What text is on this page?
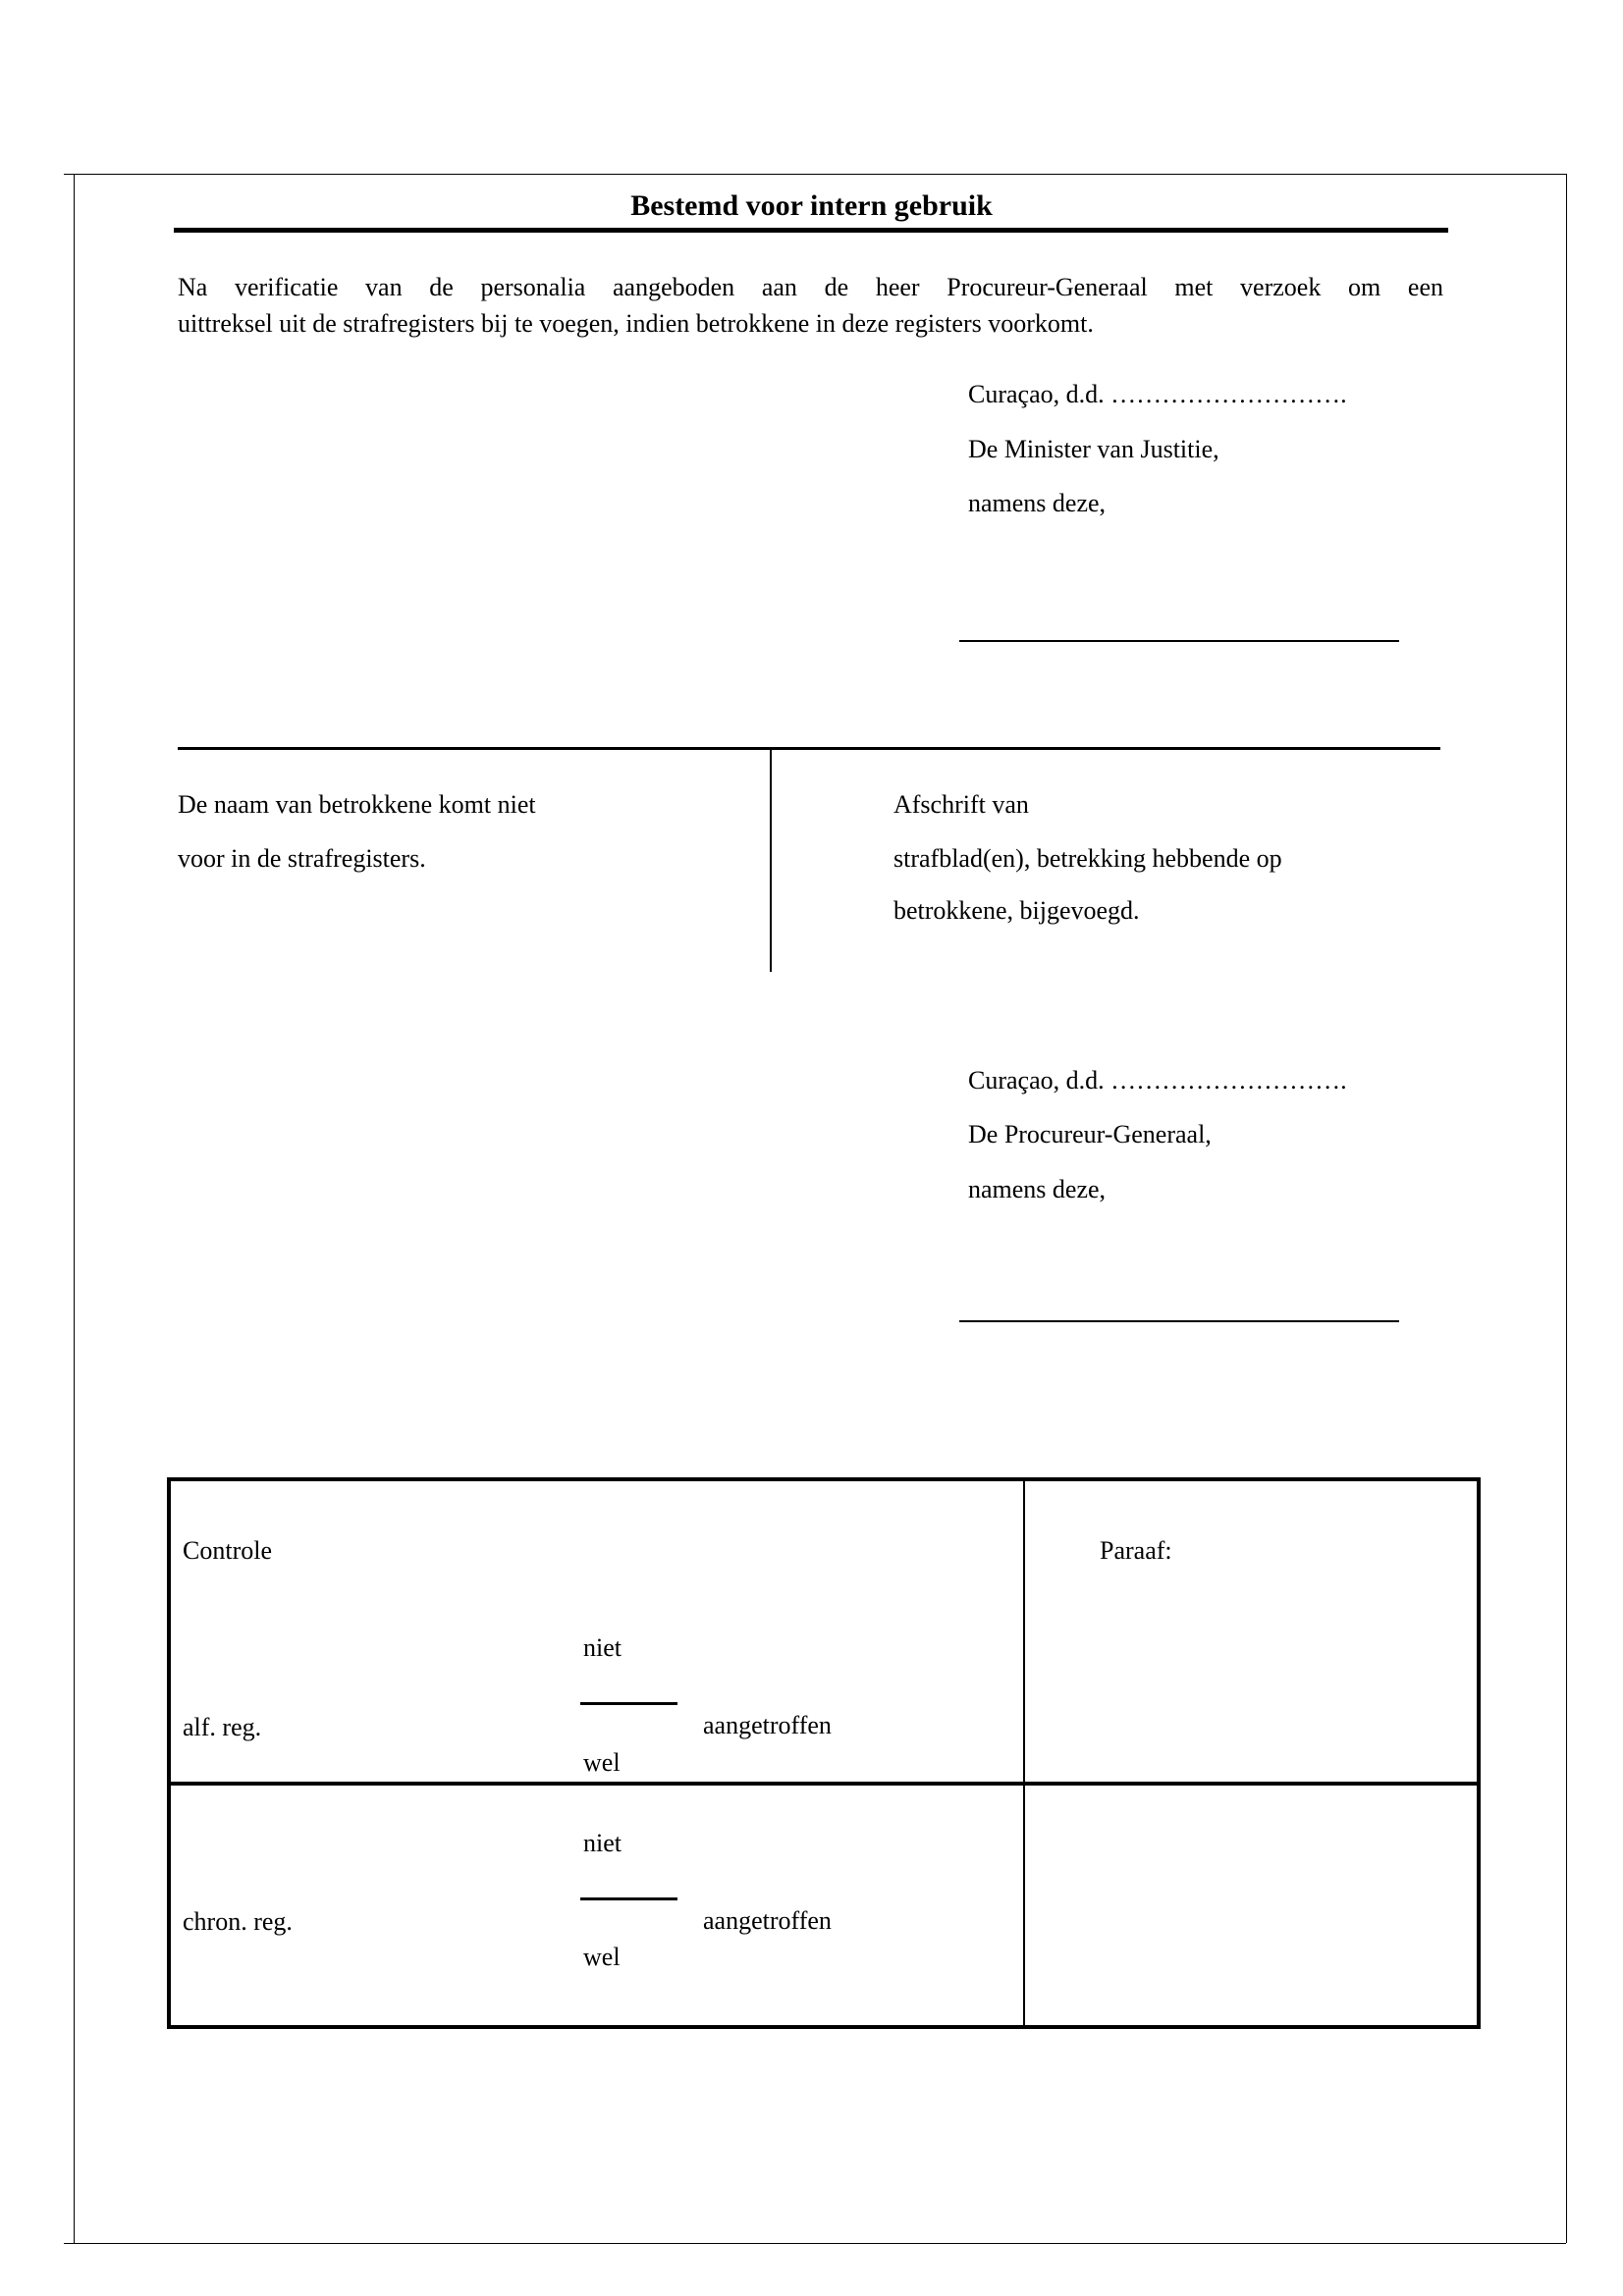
Bestemd voor intern gebruik
Na verificatie van de personalia aangeboden aan de heer Procureur-Generaal met verzoek om een
uittreksel uit de strafregisters bij te voegen, indien betrokkene in deze registers voorkomt.
Curaçao, d.d. ……………………….
De Minister van Justitie,
namens deze,
De naam van betrokkene komt niet
voor in de strafregisters.
Afschrift van
strafblad(en), betrekking hebbende op
betrokkene, bijgevoegd.
Curaçao, d.d. ……………………….
De Procureur-Generaal,
namens deze,
Controle	Paraaf:
niet
alf. reg.	aangetroffen
wel
niet
chron. reg.	aangetroffen
wel
